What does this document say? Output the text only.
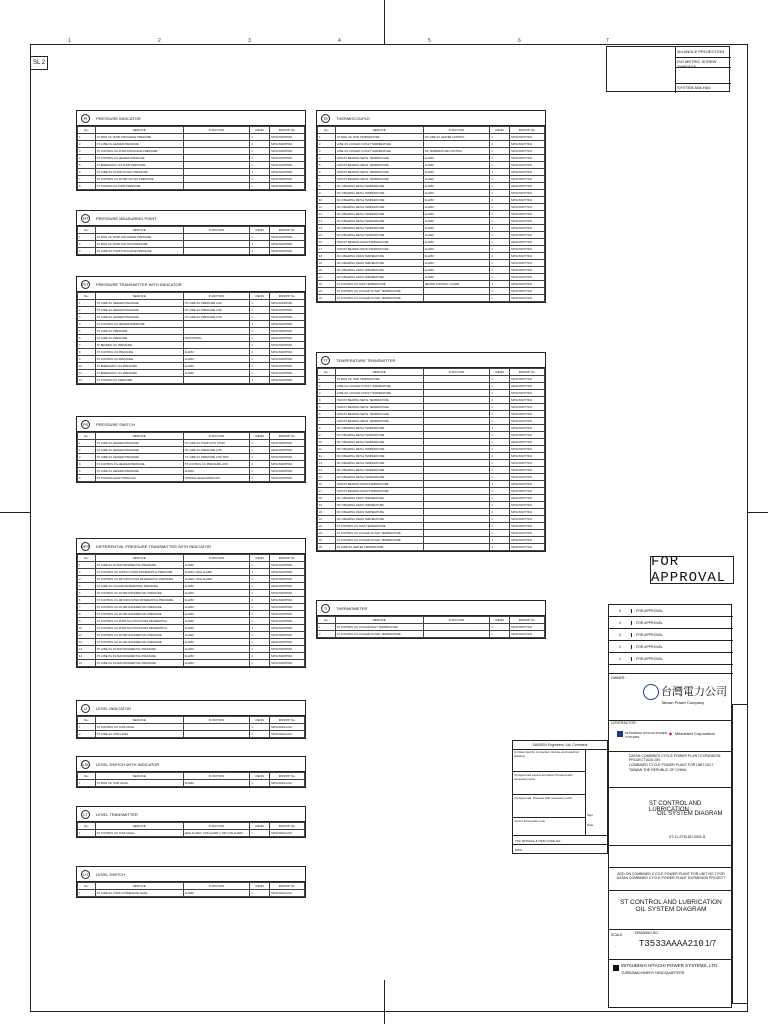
1	2	3	4	5	6	7
SL 2
3rd ANGLE PROJECTION
ISO METRIC SCREW
SYSTEM A/M-HA0
PI	PRESSURE INDICATOR
No.	SERVICE	FUNCTION	REQS	RDS/PP No.
1	ST MAIN OIL PUMP DISCHARGE PRESSURE		1	M07H/NNOPP001
2	ST LUBE OIL HEADER PRESSURE		1	M07H/NNOPP001
3	ST CONTROL OIL PUMP DISCHARGE PRESSURE		1	M07H/NNOPP001
4	ST CONTROL OIL HEADER PRESSURE		1	M07H/NNOPP001
5	ST EMERGENCY OIL PUMP PRESSURE		1	M07H/NNOPP001
6	ST LUBE OIL FILTER OUTLET PRESSURE		1	M07H/NNOPP001
7	ST CONTROL OIL FILTER OUTLET PRESSURE		1	M07H/NNOPP001
8	ST TURNING OIL PUMP PRESSURE		1	M07H/NNOPP001
PP	PRESSURE MEASURING POINT
No.	SERVICE	FUNCTION	REQS	RDS/PP No.
1	ST MAIN OIL PUMP DISCHARGE PRESSURE		1	M07H/NNOPP001
2	ST MAIN OIL PUMP SUCTION PRESSURE		1	M07H/NNOPP001
3	ST LUBE OIL PUMP DISCHARGE PRESSURE		1	M07H/NNOPP001
PIT	PRESSURE TRANSMITTER WITH INDICATOR
No.	SERVICE	FUNCTION	REQS	RDS/PP No.
1	ST LUBE OIL HEADER PRESSURE	ST LUBE OIL PRESSURE LOW	1	M07H/NNOPP001
2	ST LUBE OIL HEADER PRESSURE	ST LUBE OIL PRESSURE LOW	1	M07H/NNOPP001
3	ST LUBE OIL HEADER PRESSURE	ST LUBE OIL PRESSURE LOW	1	M07H/NNOPP001
4	ST CONTROL OIL HEADER PRESSURE		1	M07H/NNOPP001
5	ST LUBE OIL PRESSURE		1	M07H/NNOPP001
6	ST LUBE OIL PRESSURE	MONITORING	1	M07H/NNOPP001
7	ST BEARING OIL PRESSURE		1	M07H/NNOPP001
8	ST CONTROL OIL PRESSURE	ALARM	1	M07H/NNOPP001
9	ST CONTROL OIL PRESSURE	ALARM	1	M07H/NNOPP001
10	ST EMERGENCY OIL PRESSURE	ALARM	1	M07H/NNOPP001
11	ST EMERGENCY OIL PRESSURE	ALARM	1	M07H/NNOPP001
12	ST TURNING OIL PRESSURE		1	M07H/NNOPP001
PS	PRESSURE SWITCH
No.	SERVICE	FUNCTION	REQS	RDS/PP No.
1	ST LUBE OIL HEADER PRESSURE	ST LUBE OIL PUMP AUTO START	1	M07H/NNOPP001
2	ST LUBE OIL HEADER PRESSURE	ST LUBE OIL PRESSURE LOW	1	M07H/NNOPP001
3	ST LUBE OIL HEADER PRESSURE	ST LUBE OIL PRESSURE LOW TRIP	1	M07H/NNOPP001
4	ST CONTROL OIL HEADER PRESSURE	ST CONTROL OIL PRESSURE LOW	1	M07H/NNOPP001
5	ST LUBE OIL HEADER PRESSURE	ALARM	1	M07H/NNOPP001
6	ST TURNING GEAR INTERLOCK	TURNING GEAR INTERLOCK	1	M07H/NNOPP001
DPIT DIFFERENTIAL PRESSURE TRANSMITTER WITH INDICATOR
No.	SERVICE	FUNCTION	REQS	RDS/PP No.
1	ST LUBE OIL FILTER DIFFERENTIAL PRESSURE	ALARM	1	M07H/NNOPP001
2	ST CONTROL OIL SUPPLY FILTER DIFFERENTIAL PRESSURE	ALARM / HIGH ALARM	1	M07H/NNOPP001
3	ST CONTROL OIL RETURN FILTER DIFFERENTIAL PRESSURE	ALARM / HIGH ALARM	1	M07H/NNOPP001
4	ST LUBE OIL COOLER DIFFERENTIAL PRESSURE	ALARM	1	M07H/NNOPP001
5	ST CONTROL OIL FILTER DIFFERENTIAL PRESSURE	ALARM	1	M07H/NNOPP001
6	ST CONTROL OIL RETURN FILTER DIFFERENTIAL PRESSURE	ALARM	1	M07H/NNOPP001
7	ST CONTROL OIL FILTER DIFFERENTIAL PRESSURE	ALARM	1	M07H/NNOPP001
8	ST CONTROL OIL FILTER DIFFERENTIAL PRESSURE	ALARM	1	M07H/NNOPP001
9	ST CONTROL OIL PUMP SUCTION FILTER DIFFERENTIAL	ALARM	1	M07H/NNOPP001
10	ST CONTROL OIL PUMP SUCTION FILTER DIFFERENTIAL	ALARM	1	M07H/NNOPP001
11	ST CONTROL OIL FILTER DIFFERENTIAL PRESSURE	ALARM	1	M07H/NNOPP001
12	ST CONTROL OIL FILTER DIFFERENTIAL PRESSURE	ALARM	1	M07H/NNOPP001
13	ST LUBE OIL FILTER DIFFERENTIAL PRESSURE	ALARM	1	M07H/NNOPP001
14	ST LUBE OIL FILTER DIFFERENTIAL PRESSURE	ALARM	1	M07H/NNOPP001
15	ST LUBE OIL FILTER DIFFERENTIAL PRESSURE	ALARM	1	M07H/NNOPP001
LI	LEVEL INDICATOR
No.	SERVICE	FUNCTION	REQS	RDS/PP No.
1	ST CONTROL OIL TANK LEVEL		1	M07H/NNOLL001
2	ST LUBE OIL TANK LEVEL		1	M07H/NNOLL001
LSI	LEVEL SWITCH WITH INDICATOR
No.	SERVICE	FUNCTION	REQS	RDS/PP No.
1	ST MAIN OIL TANK LEVEL	ALARM	1	M07H/NNOLL001
LT	LEVEL TRANSMITTER
No.	SERVICE	FUNCTION	REQS	RDS/PP No.
1	ST CONTROL OIL TANK LEVEL	HIGH ALARM / LOW ALARM / LOW LOW ALARM	1	M07H/NNOLL001
LS	LEVEL SWITCH
No.	SERVICE	FUNCTION	REQS	RDS/PP No.
1	ST LUBE OIL PUMP CONDENSATE LEVEL	ALARM	1	M07H/NNOLL001
TE	THERMOCOUPLE
No.	SERVICE	FUNCTION	REQS	RDS/PP No.
1	ST MAIN OIL TANK TEMPERATURE	ST LUBE OIL HEATER CONTROL	1	M07H/NNOTT001
2	LUBE OIL COOLER OUTLET TEMPERATURE		1	M07H/NNOTT001
3	LUBE OIL COOLER OUTLET TEMPERATURE	OIL TEMPERATURE CONTROL	1	M07H/NNOTT001
4	THRUST BEARING METAL TEMPERATURE	ALARM	1	M07H/NNOTT001
5	THRUST BEARING METAL TEMPERATURE	ALARM	1	M07H/NNOTT001
6	THRUST BEARING METAL TEMPERATURE	ALARM	1	M07H/NNOTT001
7	THRUST BEARING METAL TEMPERATURE	ALARM	1	M07H/NNOTT001
8	NO.1 BEARING METAL TEMPERATURE	ALARM	1	M07H/NNOTT001
9	NO.1 BEARING METAL TEMPERATURE	ALARM	1	M07H/NNOTT001
10	NO.2 BEARING METAL TEMPERATURE	ALARM	1	M07H/NNOTT001
11	NO.2 BEARING METAL TEMPERATURE	ALARM	1	M07H/NNOTT001
12	NO.3 BEARING METAL TEMPERATURE	ALARM	1	M07H/NNOTT001
13	NO.3 BEARING METAL TEMPERATURE	ALARM	1	M07H/NNOTT001
14	NO.4 BEARING METAL TEMPERATURE	ALARM	1	M07H/NNOTT001
15	NO.4 BEARING METAL TEMPERATURE	ALARM	1	M07H/NNOTT001
16	THRUST BEARING DRAIN TEMPERATURE	ALARM	1	M07H/NNOTT001
17	THRUST BEARING DRAIN TEMPERATURE	ALARM	1	M07H/NNOTT001
18	NO.1 BEARING DRAIN TEMPERATURE	ALARM	1	M07H/NNOTT001
19	NO.2 BEARING DRAIN TEMPERATURE	ALARM	1	M07H/NNOTT001
20	NO.3 BEARING DRAIN TEMPERATURE	ALARM	1	M07H/NNOTT001
21	NO.4 BEARING DRAIN TEMPERATURE	ALARM	1	M07H/NNOTT001
22	ST CONTROL OIL TANK TEMPERATURE	HEATER CONTROL / ALARM	1	M07H/NNOTT001
23	ST CONTROL OIL COOLER OUTLET TEMPERATURE		1	M07H/NNOTT001
24	ST CONTROL OIL COOLER OUTLET TEMPERATURE		1	M07H/NNOTT001
TT	TEMPERATURE TRANSMITTER
No.	SERVICE	FUNCTION	REQS	RDS/PP No.
1	ST MAIN OIL TANK TEMPERATURE		1	M07H/NNOTT001
2	LUBE OIL COOLER OUTLET TEMPERATURE		1	M07H/NNOTT001
3	LUBE OIL COOLER OUTLET TEMPERATURE		1	M07H/NNOTT001
4	THRUST BEARING METAL TEMPERATURE		1	M07H/NNOTT001
5	THRUST BEARING METAL TEMPERATURE		1	M07H/NNOTT001
6	THRUST BEARING METAL TEMPERATURE		1	M07H/NNOTT001
7	THRUST BEARING METAL TEMPERATURE		1	M07H/NNOTT001
8	NO.1 BEARING METAL TEMPERATURE		1	M07H/NNOTT001
9	NO.1 BEARING METAL TEMPERATURE		1	M07H/NNOTT001
10	NO.2 BEARING METAL TEMPERATURE		1	M07H/NNOTT001
11	NO.2 BEARING METAL TEMPERATURE		1	M07H/NNOTT001
12	NO.3 BEARING METAL TEMPERATURE		1	M07H/NNOTT001
13	NO.3 BEARING METAL TEMPERATURE		1	M07H/NNOTT001
14	NO.4 BEARING METAL TEMPERATURE		1	M07H/NNOTT001
15	NO.4 BEARING METAL TEMPERATURE		1	M07H/NNOTT001
16	THRUST BEARING DRAIN TEMPERATURE		1	M07H/NNOTT001
17	THRUST BEARING DRAIN TEMPERATURE		1	M07H/NNOTT001
18	NO.1 BEARING DRAIN TEMPERATURE		1	M07H/NNOTT001
19	NO.2 BEARING DRAIN TEMPERATURE		1	M07H/NNOTT001
20	NO.3 BEARING DRAIN TEMPERATURE		1	M07H/NNOTT001
21	NO.4 BEARING DRAIN TEMPERATURE		1	M07H/NNOTT001
22	ST CONTROL OIL TANK TEMPERATURE		1	M07H/NNOTT001
23	ST CONTROL OIL COOLER OUTLET TEMPERATURE		1	M07H/NNOTT001
24	ST CONTROL OIL COOLER OUTLET TEMPERATURE		1	M07H/NNOTT001
25	ST LUBE OIL HEATER TEMPERATURE		1	M07H/NNOTT001
TI	THERMOMETER
No.	SERVICE	FUNCTION	REQS	RDS/PP No.
1	ST CONTROL OIL COOLER INLET TEMPERATURE		1	M07H/NNOTT001
2	ST CONTROL OIL COOLER OUTLET TEMPERATURE		1	M07H/NNOTT001
FOR APPROVAL
SUBSEN Engineers, Ltd. Comment
(1) Returned for Correction: Revise and resubmit drawing
(2) Approved except as Noted: Proceed with necessary work
(3) Approved: Proceed with necessary work
(4) For information only
Sign
Date
TPC MODULE & ITEM CODE NO.
DWG
5	FOR APPROVAL
4	FOR APPROVAL
3	FOR APPROVAL
2	FOR APPROVAL
1	FOR APPROVAL
OWNER :
台灣電力公司
Taiwan Power Company
CONTRACTOR :
MITSUBISHI HITACHI POWER SYSTEMS
◆ Mitsubishi Corporation
DATAN COMBINED CYCLE POWER PLANT EXPANSION PROJECT ADD-ON
COMBINED CYCLE POWER PLANT FOR UNIT NO.7
TAIWAN THE REPUBLIC OF CHINA
ST CONTROL AND LUBRICATION
OIL SYSTEM DIAGRAM
ST-11-STM-DD-0001-B
ADD-ON COMBINED CYCLE POWER PLANT FOR UNIT NO.7 FOR
DATAN COMBINED CYCLE POWER PLANT EXPANSION PROJECT
ST CONTROL AND LUBRICATION
OIL SYSTEM DIAGRAM
SCALE
-
DRAWING NO.
T3533AAAA210 1/7
MITSUBISHI HITACHI POWER SYSTEMS, LTD.
TURBOMACHINERY HEADQUARTERS
